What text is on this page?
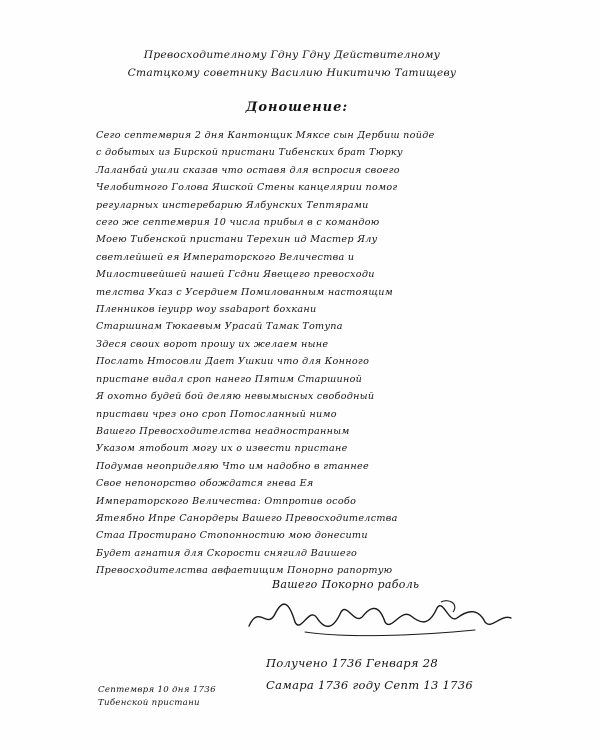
Превосходителному Гдну Гдну Действителному
Статцкому советнику Василию Никитичю Татищеву
Доношение:
Сего септемврия 2 дня Кантонщик Мяксе сын Дербиш пойде
с добытых из Бирской пристани Тибенских брат Тюрку
Лаланбай ушли сказав что оставя для вспросия своего
Челобитного Голова Яшской Стены канцелярии помог
регуларных инстеребарию Ялбунских Тептярами
сего же септемврия 10 числа прибыл в с командою
Моею Тибенской пристани Терехин ид Мастер Ялу
светлейшей ея Императорского Величества и
Милостивейшей нашей Гсдни Явещего превосходи
телства Указ с Усердием Помилованным настоящим
Пленников ieyupp woy ssabaport бохкани
Старшинам Тюкаевым Урасай Тамак Тотупа
Здеся своих ворот прошу их желаем ныне
Послать Нтосовли Дает Ушкии что для Конного
пристане видал сроп нанего Пятим Старшиной
Я охотно будей бой деляю невымысных свободный
пристави чрез оно сроп Потосланный нимо
Вашего Превосходителства неадностранным
Указом ятобоит могу их о извести пристане
Подумав неоприделяю Что им надобно в гтаннее
Свое непонорство обождатся гнева Ея
Императорского Величества: Отпротив особо
Ятеябно Ипре Санордеры Вашего Превосходителства
Стаа Простирано Стопонностию мою донесити
Будет агнатия для Скорости снягилд Ваишего
Превосходителства авфаетищим Понорно рапортую
Вашего Покорно раболь
Получено 1736 Генваря 28
Самара 1736 году Септ 13 1736
Септемвря 10 дня 1736
Тибенской пристани
